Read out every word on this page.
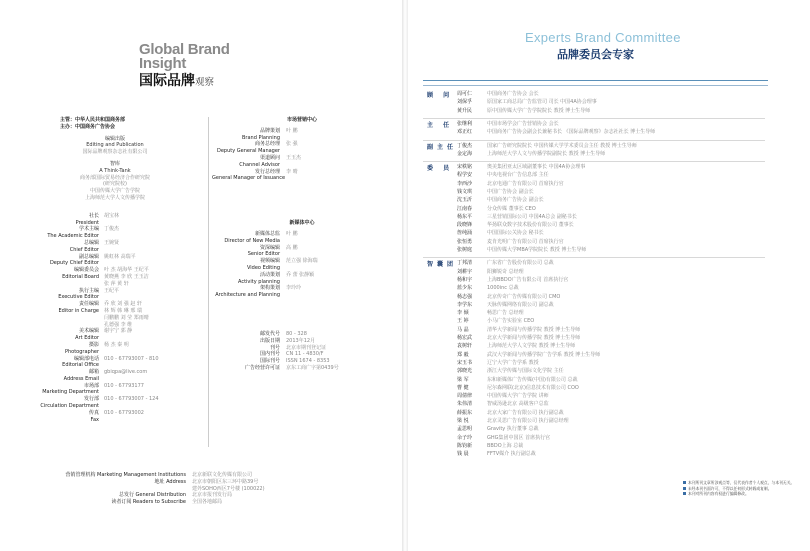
Global Brand
Insight
国际品牌观察
主管：中华人民共和国商务部
主办：中国商务广告协会
编辑出版
Editing and Publication
国际品牌观察杂志社有限公司
智库
A Think-Tank
商务部国际贸易经济合作研究院
(研究院校)
中国传媒大学广告学院
上海师范大学人文传播学院
社长	胡宝林
President
学术主编	丁俊杰
The Academic Editor
总编辑	王婉贤
Chief Editor
副总编辑	姚虹林 高瑞平
Deputy Chief Editor
编辑委员会	叶 杰 胡海华 王纪平
Editorial Board	黄晓燕 李 欣 王玉洁
张 萍 黄 轩
执行主编	王纪平
Executive Editor
责任编辑	乔 欣 刘 强 赵 轩
Editor in Charge	林 辉 韩 琳 邢 瑞
闫鹏鹏 刘 莹 郑雨晴
孔德强 李 维
美术编辑	谢宇宁 郭 静
Art Editor
摄影	杨 杰 秦 明
Photographer
编辑部电话	010 - 67793007 - 810
Editorial Office
邮箱	gbiqpa@live.com
Address Email
市场部	010 - 67793177
Marketing Department
发行部	010 - 67793007 - 124
Circulation Department
传真	010 - 67793002
Fax
市场营销中心
品牌策划	叶 鹏
Brand Planning
商务总经理	张 强
Deputy General Manager
渠道顾问	王玉杰
Channel Advisor
发行总经理	李 晴
General Manager of Issuance
新媒体中心
新媒体总监	叶 鹏
Director of New Media
资深编辑	高 鹏
Senior Editor
视频编辑	范立强 徐海瑞
Video Editing
活动策划	乔 蕾 张静颖
Activity planning
架构策划	李玲玲
Architecture and Planning
邮发代号	80 - 328
出版日期	2013年12月
刊号	北京市期刊登记证
国内刊号	CN 11 - 4830/F
国际刊号	ISSN 1674 - 8353
广告经营许可证	京东工商广字第0439号
营销管理机构 Marketing Management Institutions	北京新联文化传媒有限公司
地址 Address	北京市朝阳区东三环中路39号
建外SOHO西区7号楼 (100022)
总发行 General Distribution	北京市报刊发行局
读者订阅 Readers to Subscribe	全国各地邮局
Experts Brand Committee
品牌委员会专家
顾 问 周可仁	中国商务广告协会 会长
刘保孚	原国家工商总局广告监管司 司长 中国4A协会理事
黄升民	原中国传媒大学广告学院院长 教授 博士生导师
主 任 张继利	中国市场学会广告营销协会 会长
邓正红	中国商务广告协会副会长兼秘书长 《国际品牌观察》杂志社社长 博士生导师
副主任 丁俊杰	国家广告研究院院长 中国传媒大学学术委员会主任 教授 博士生导师
金定海	上海师范大学人文与传播学院副院长 教授 博士生导师
委 员 宋秩铭	奥美集团亚太区域副董事长 中国4A协会理事
程学安	中央电视台广告信息部 主任
李西沙	北京电通广告有限公司 首席执行官
钱文琪	中国广告协会 副会长
沈玉沂	中国商务广告协会 副会长
江南春	分众传媒 董事长 CEO
杨东平	三星营销国际公司 中国4A总会 副秘书长
段晓锋	华扬联众数字技术股份有限公司 董事长
詹纯涌	中国国际公关协会 秘书长
张恒勇	麦肯光明广告有限公司 首席执行官
张树庭	中国传媒大学MBA学院院长 教授 博士生导师
智囊团 丁邦清	广东省广告股份有限公司 总裁
刘耕宇	阳狮锐奇 总经理
杨和宇	上海BBDO广告有限公司 首席执行官
蓝少东	1000inc 总裁
杨志强	北京传奇广告传媒有限公司 CMO
李学东	天脉传媒网络有限公司 副总裁
李 倾	畅思广告 总经理
王 婷	小马广告实验室 CEO
马 晶	清华大学新闻与传播学院 教授 博士生导师
杨宏武	北京大学新闻与传播学院 教授 博士生导师
袁树轩	上海师范大学人文学院 教授 博士生导师
郑 毅	武汉大学新闻与传播学院广告学系 教授 博士生导师
宋玉书	辽宁大学广告学系 教授
郭晓光	浙江大学传媒与国际文化学院 主任
梁 军	东和新媒体广告传媒(中国)有限公司 总裁
曹 健	尼尔森网联(北京)信息技术有限公司 COO
周倩律	中国传媒大学广告学院 讲师
朱伟清	智威汤逊北京 高级客户总监
薛振东	北京大家广告有限公司 执行副总裁
梁 悦	北京灵思广告有限公司 执行副总经理
孟思明	Gravity 执行董事 总裁
余子玲	GHG集团中国区 首席执行官
陈钧新	BBDO上海 总裁
钱 晨	FFTV媒介 执行副总裁
本刊所刊文章所涉观点等，仅代表作者个人观点，与本刊无关。
未经本刊书面许可，不得以任何形式转载或复制。
本刊对所刊内容有权进行编辑修改。
